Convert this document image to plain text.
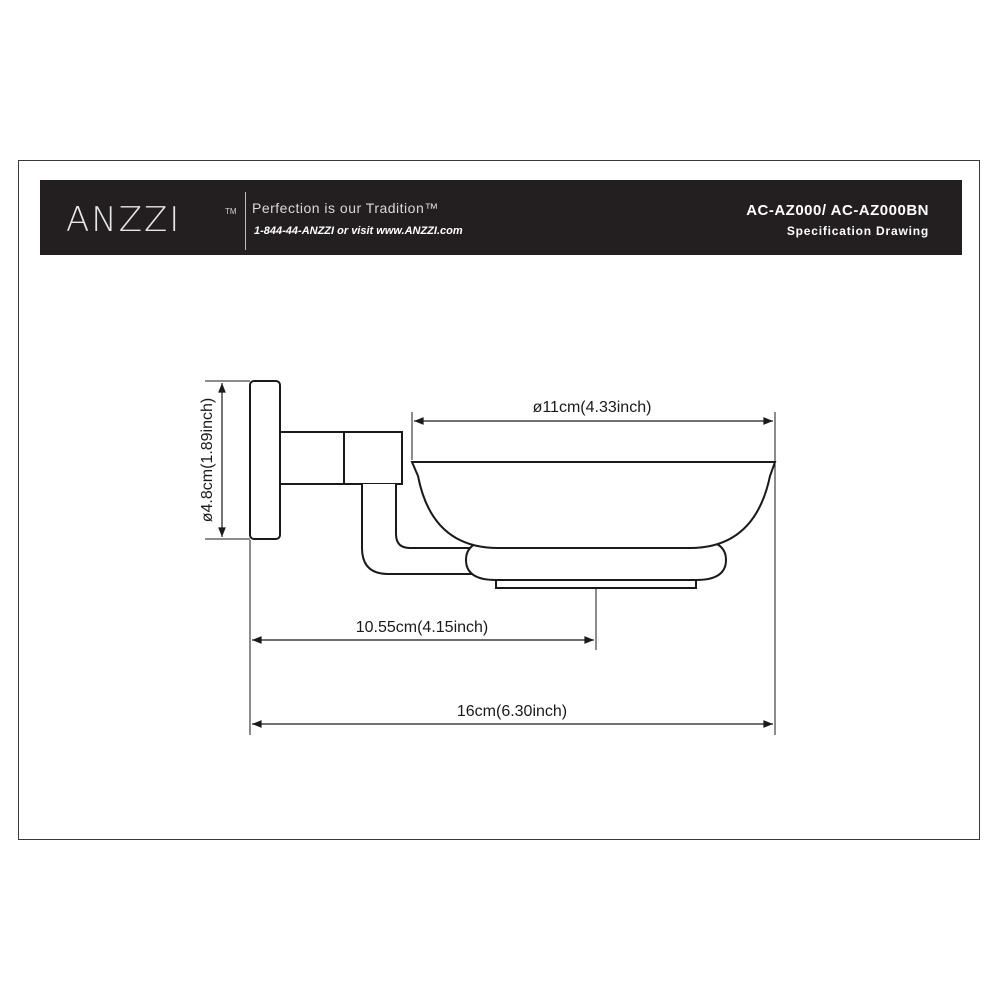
ANZZI	TM Perfection is our Tradition™
1-844-44-ANZZI or visit www.ANZZI.com
AC-AZ000/ AC-AZ000BN
Specification Drawing
ø4.8cm(1.89inch)	ø11cm(4.33inch)
10.55cm(4.15inch)
16cm(6.30inch)
